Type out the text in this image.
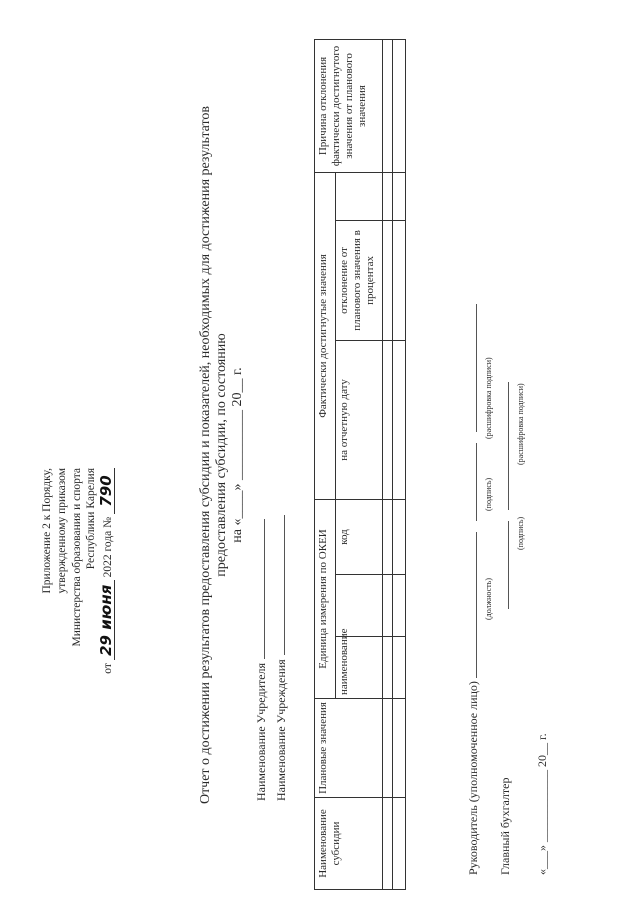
Приложение 2 к Порядку, утвержденному приказом Министерства образования и спорта Республики Карелия
от 29 июня 2022 года № 790	Отчет о достижении результатов предоставления субсидии и показателей, необходимых для достижения результатов предоставления субсидии, по состоянию на «____» __________ 20__ г.
Наименование Учредителя Наименование Учреждения
Наименование субсидии	Плановые значения	Единица измерения по ОКЕИ			Фактически достигнутые значения			Причина отклонения фактически достигнутого значения от планового значения
		наименование		код	на отчетную дату	отклонение от планового значения в процентах		

Руководитель (уполномоченное лицо)
(должность)
(подпись)
(расшифровка подписи)
Главный бухгалтер
(подпись)
(расшифровка подписи)
«___» ____________ 20__ г.
